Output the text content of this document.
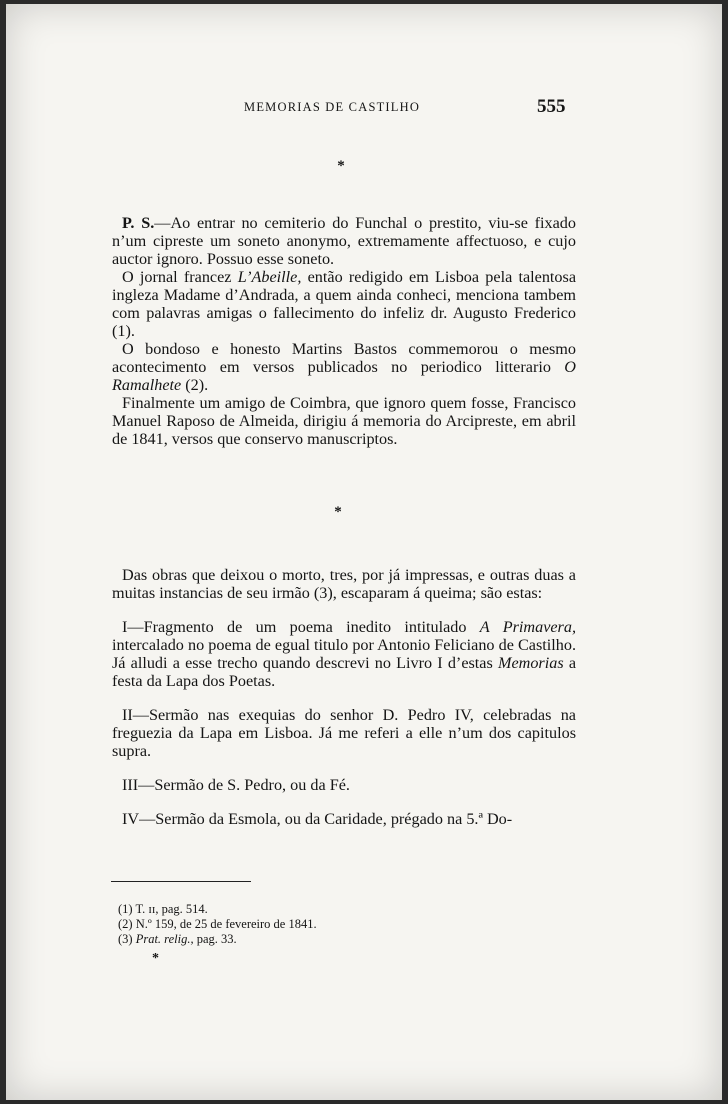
MEMORIAS DE CASTILHO	555
*

P. S.—Ao entrar no cemiterio do Funchal o prestito, viu-se fixado n’um cipreste um soneto anonymo, extremamente affectuoso, e cujo auctor ignoro. Possuo esse soneto.

O jornal francez L’Abeille, então redigido em Lisboa pela talentosa ingleza Madame d’Andrada, a quem ainda conheci, menciona tambem com palavras amigas o fallecimento do infeliz dr. Augusto Frederico (1).

O bondoso e honesto Martins Bastos commemorou o mesmo acontecimento em versos publicados no periodico litterario O Ramalhete (2).

Finalmente um amigo de Coimbra, que ignoro quem fosse, Francisco Manuel Raposo de Almeida, dirigiu á memoria do Arcipreste, em abril de 1841, versos que conservo manuscriptos.

*

Das obras que deixou o morto, tres, por já impressas, e outras duas a muitas instancias de seu irmão (3), escaparam á queima; são estas:

I—Fragmento de um poema inedito intitulado A Primavera, intercalado no poema de egual titulo por Antonio Feliciano de Castilho. Já alludi a esse trecho quando descrevi no Livro I d’estas Memorias a festa da Lapa dos Poetas.

II—Sermão nas exequias do senhor D. Pedro IV, celebradas na freguezia da Lapa em Lisboa. Já me referi a elle n’um dos capitulos supra.

III—Sermão de S. Pedro, ou da Fé.

IV—Sermão da Esmola, ou da Caridade, prégado na 5.ª Do-

(1) T. ɪɪ, pag. 514.
(2) N.º 159, de 25 de fevereiro de 1841.
(3) Prat. relig., pag. 33.
*
